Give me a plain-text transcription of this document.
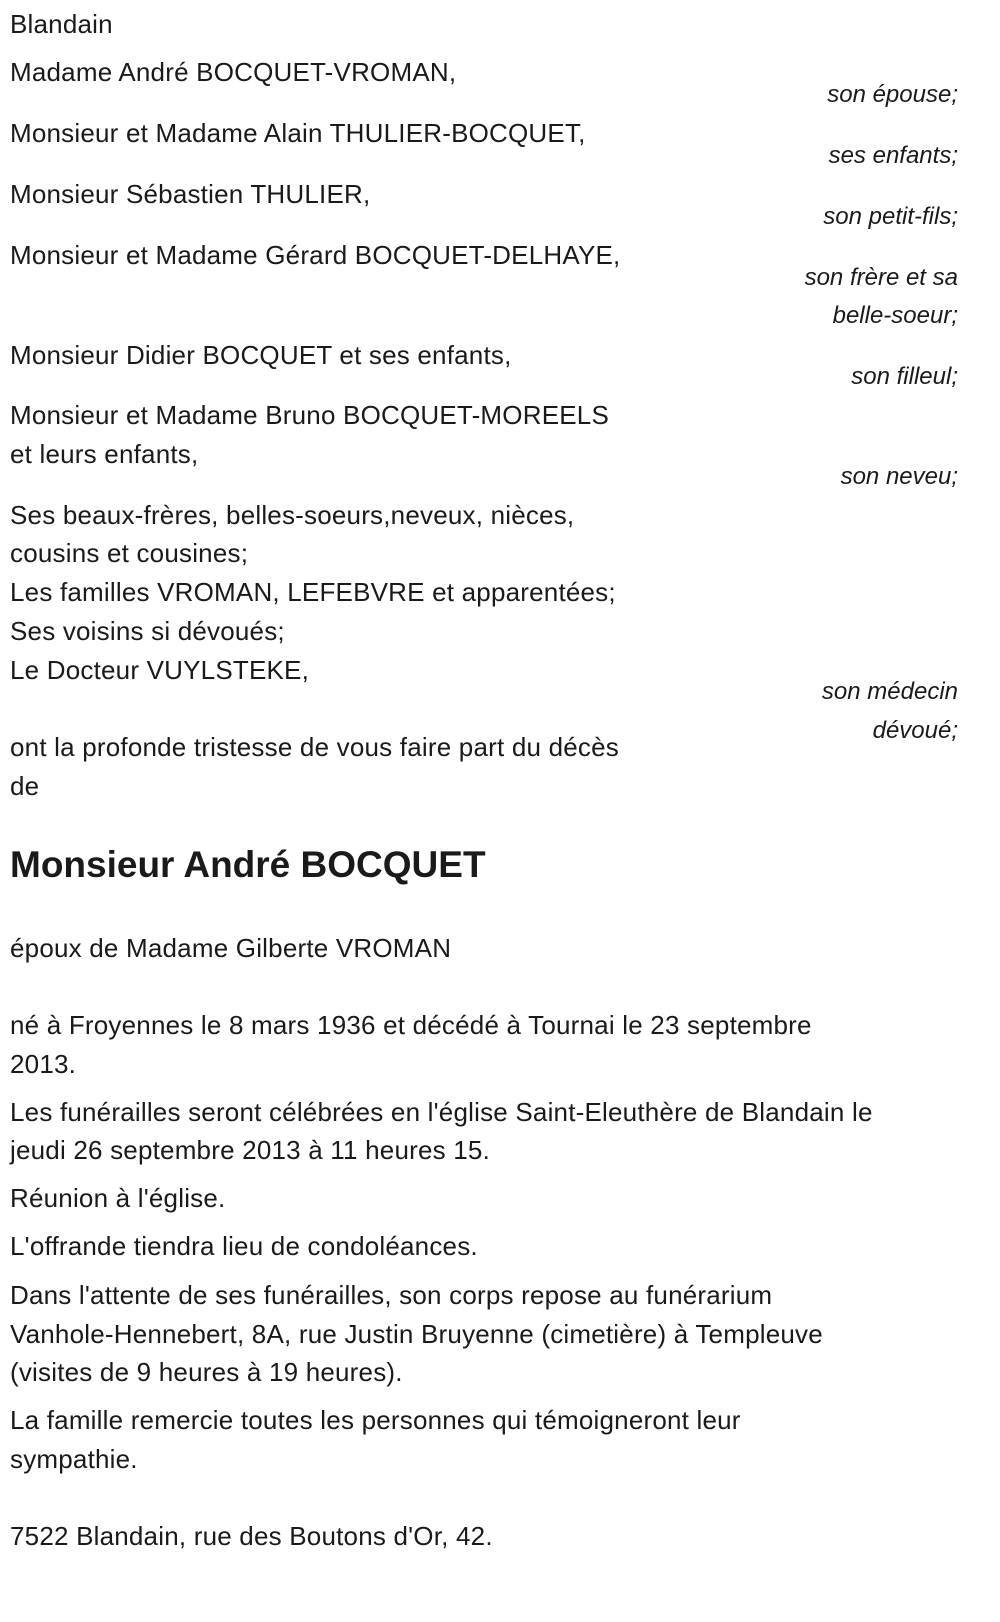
Blandain
Madame André BOCQUET-VROMAN,
Monsieur et Madame Alain THULIER-BOCQUET,
Monsieur Sébastien THULIER,
Monsieur et Madame Gérard BOCQUET-DELHAYE,
Monsieur Didier BOCQUET et ses enfants,
Monsieur et Madame Bruno BOCQUET-MOREELS
et leurs enfants,
Ses beaux-frères, belles-soeurs,neveux, nièces,
cousins et cousines;
Les familles VROMAN, LEFEBVRE et apparentées;
Ses voisins si dévoués;
Le Docteur VUYLSTEKE,
son épouse;
ses enfants;
son petit-fils;
son frère et sa
belle-soeur;
son filleul;
son neveu;
son médecin
dévoué;
ont la profonde tristesse de vous faire part du décès
de
Monsieur André BOCQUET
époux de Madame Gilberte VROMAN
né à Froyennes le 8 mars 1936 et décédé à Tournai le 23 septembre
2013.
Les funérailles seront célébrées en l'église Saint-Eleuthère de Blandain le
jeudi 26 septembre 2013 à 11 heures 15.
Réunion à l'église.
L'offrande tiendra lieu de condoléances.
Dans l'attente de ses funérailles, son corps repose au funérarium
Vanhole-Hennebert, 8A, rue Justin Bruyenne (cimetière) à Templeuve
(visites de 9 heures à 19 heures).
La famille remercie toutes les personnes qui témoigneront leur
sympathie.
7522 Blandain, rue des Boutons d'Or, 42.
